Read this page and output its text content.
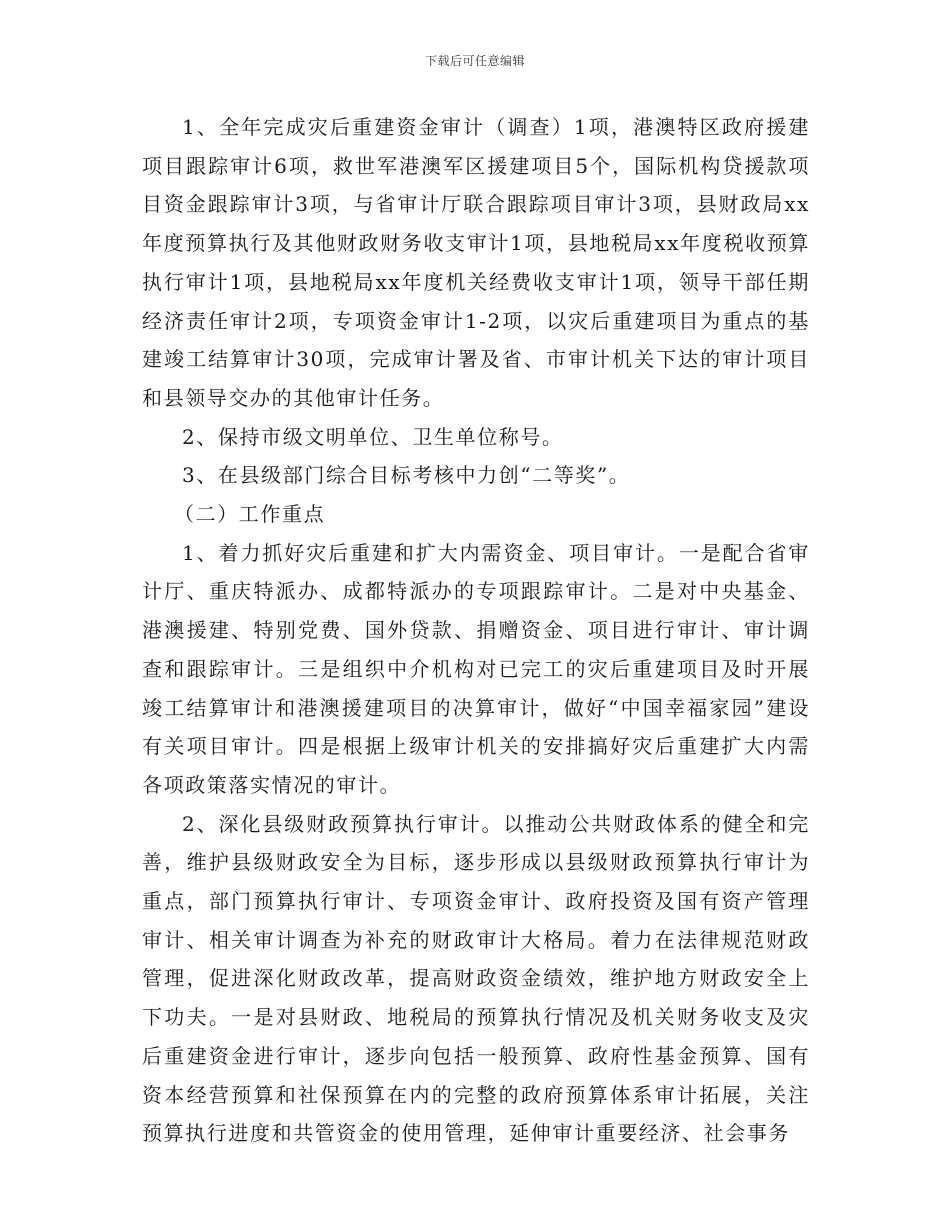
下载后可任意编辑

1、全年完成灾后重建资金审计（调查）1项，港澳特区政府援建项目跟踪审计6项，救世军港澳军区援建项目5个，国际机构贷援款项目资金跟踪审计3项，与省审计厅联合跟踪项目审计3项，县财政局xx年度预算执行及其他财政财务收支审计1项，县地税局xx年度税收预算执行审计1项，县地税局xx年度机关经费收支审计1项，领导干部任期经济责任审计2项，专项资金审计1-2项，以灾后重建项目为重点的基建竣工结算审计30项，完成审计署及省、市审计机关下达的审计项目和县领导交办的其他审计任务。

2、保持市级文明单位、卫生单位称号。

3、在县级部门综合目标考核中力创“二等奖”。

（二）工作重点

1、着力抓好灾后重建和扩大内需资金、项目审计。一是配合省审计厅、重庆特派办、成都特派办的专项跟踪审计。二是对中央基金、港澳援建、特别党费、国外贷款、捐赠资金、项目进行审计、审计调查和跟踪审计。三是组织中介机构对已完工的灾后重建项目及时开展竣工结算审计和港澳援建项目的决算审计，做好“中国幸福家园”建设有关项目审计。四是根据上级审计机关的安排搞好灾后重建扩大内需各项政策落实情况的审计。

2、深化县级财政预算执行审计。以推动公共财政体系的健全和完善，维护县级财政安全为目标，逐步形成以县级财政预算执行审计为重点，部门预算执行审计、专项资金审计、政府投资及国有资产管理审计、相关审计调查为补充的财政审计大格局。着力在法律规范财政管理，促进深化财政改革，提高财政资金绩效，维护地方财政安全上下功夫。一是对县财政、地税局的预算执行情况及机关财务收支及灾后重建资金进行审计，逐步向包括一般预算、政府性基金预算、国有资本经营预算和社保预算在内的完整的政府预算体系审计拓展，关注预算执行进度和共管资金的使用管理，延伸审计重要经济、社会事务
